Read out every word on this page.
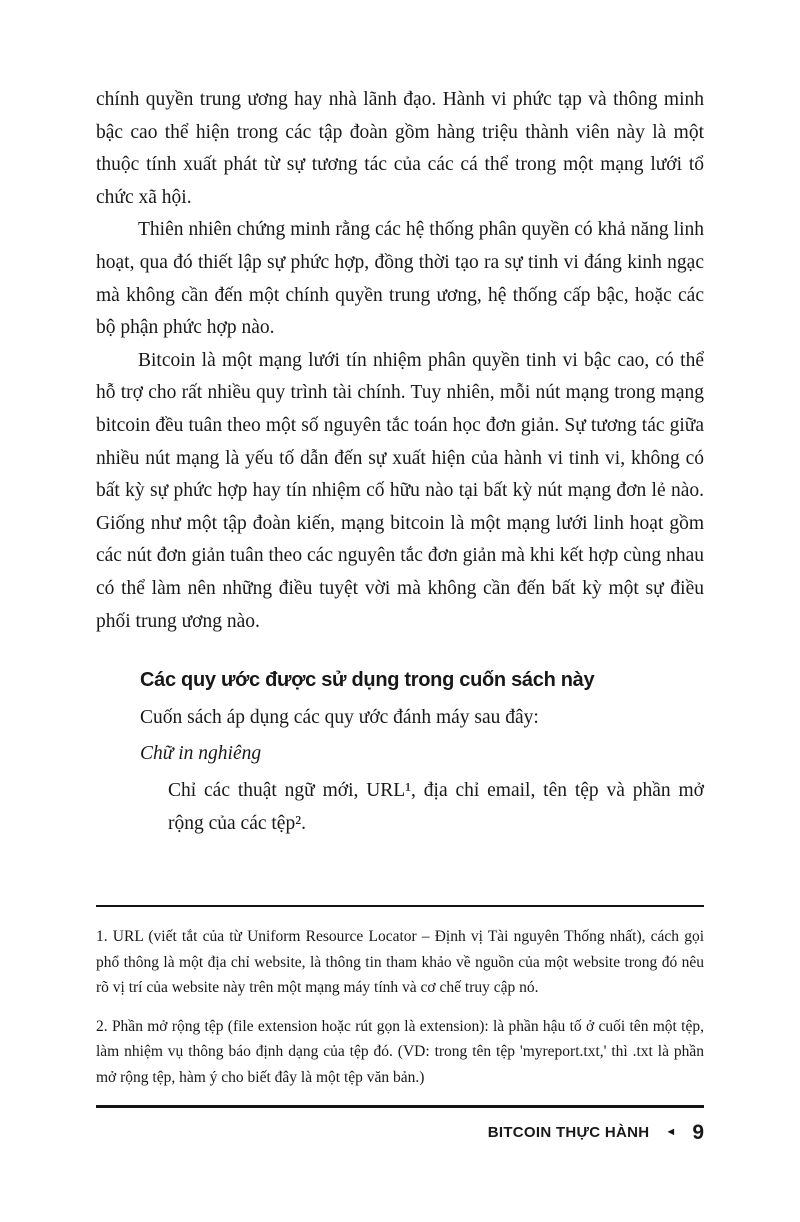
chính quyền trung ương hay nhà lãnh đạo. Hành vi phức tạp và thông minh bậc cao thể hiện trong các tập đoàn gồm hàng triệu thành viên này là một thuộc tính xuất phát từ sự tương tác của các cá thể trong một mạng lưới tổ chức xã hội.

Thiên nhiên chứng minh rằng các hệ thống phân quyền có khả năng linh hoạt, qua đó thiết lập sự phức hợp, đồng thời tạo ra sự tinh vi đáng kinh ngạc mà không cần đến một chính quyền trung ương, hệ thống cấp bậc, hoặc các bộ phận phức hợp nào.

Bitcoin là một mạng lưới tín nhiệm phân quyền tinh vi bậc cao, có thể hỗ trợ cho rất nhiều quy trình tài chính. Tuy nhiên, mỗi nút mạng trong mạng bitcoin đều tuân theo một số nguyên tắc toán học đơn giản. Sự tương tác giữa nhiều nút mạng là yếu tố dẫn đến sự xuất hiện của hành vi tinh vi, không có bất kỳ sự phức hợp hay tín nhiệm cố hữu nào tại bất kỳ nút mạng đơn lẻ nào. Giống như một tập đoàn kiến, mạng bitcoin là một mạng lưới linh hoạt gồm các nút đơn giản tuân theo các nguyên tắc đơn giản mà khi kết hợp cùng nhau có thể làm nên những điều tuyệt vời mà không cần đến bất kỳ một sự điều phối trung ương nào.

Các quy ước được sử dụng trong cuốn sách này

Cuốn sách áp dụng các quy ước đánh máy sau đây:

Chữ in nghiêng

Chỉ các thuật ngữ mới, URL¹, địa chỉ email, tên tệp và phần mở rộng của các tệp².

1. URL (viết tắt của từ Uniform Resource Locator – Định vị Tài nguyên Thống nhất), cách gọi phổ thông là một địa chỉ website, là thông tin tham khảo về nguồn của một website trong đó nêu rõ vị trí của website này trên một mạng máy tính và cơ chế truy cập nó.

2. Phần mở rộng tệp (file extension hoặc rút gọn là extension): là phần hậu tố ở cuối tên một tệp, làm nhiệm vụ thông báo định dạng của tệp đó. (VD: trong tên tệp 'myreport.txt,' thì .txt là phần mở rộng tệp, hàm ý cho biết đây là một tệp văn bản.)

BITCOIN THỰC HÀNH ◄ 9
